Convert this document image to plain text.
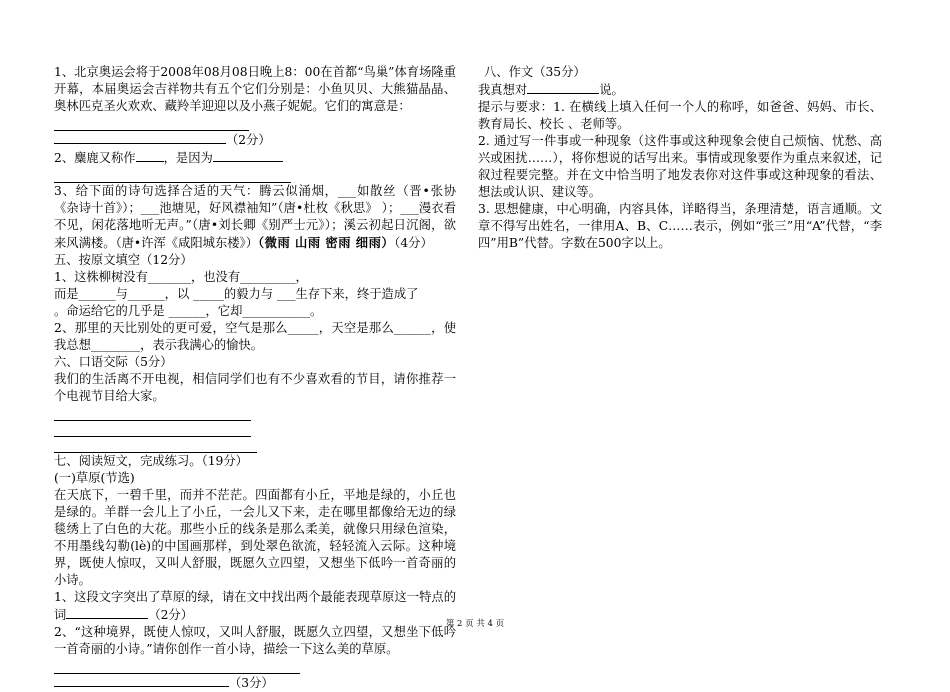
1、北京奥运会将于2008年08月08日晚上8：00在首都“鸟巢”体育场隆重开幕，本届奥运会吉祥物共有五个它们分别是：小鱼贝贝、大熊猫晶晶、奥林匹克圣火欢欢、藏羚羊迎迎以及小燕子妮妮。它们的寓意是：

（2分）

2、麋鹿又称作 ，是因为

3、给下面的诗句选择合适的天气：腾云似涌烟，___如散丝（晋•张协《杂诗十首》）；___池塘见，好风襟袖知”（唐•杜枚《秋思》 ）；___漫衣看不见，闲花落地听无声。”（唐•刘长卿《别严士元》）；溪云初起日沉阁，欲来风满楼。（唐•许浑《咸阳城东楼》）（微雨 山雨 密雨 细雨）（4分）

五、按原文填空（12分）

1、这株柳树没有_______，也没有_________，

而是______与______，以 _____的毅力与 ___生存下来，终于造成了

。命运给它的几乎是 ______，它却___________。

2、那里的天比别处的更可爱，空气是那么_____，天空是那么______，使我总想________，表示我满心的愉快。

六、口语交际（5分）

我们的生活离不开电视，相信同学们也有不少喜欢看的节目，请你推荐一个电视节目给大家。

七、阅读短文，完成练习。（19分）

(一)草原(节选)

在天底下，一碧千里，而并不茫茫。四面都有小丘，平地是绿的，小丘也是绿的。羊群一会儿上了小丘，一会儿又下来，走在哪里都像给无边的绿毯绣上了白色的大花。那些小丘的线条是那么柔美，就像只用绿色渲染，不用墨线勾勒(lè)的中国画那样，到处翠色欲流，轻轻流入云际。这种境界，既使人惊叹，又叫人舒服，既愿久立四望，又想坐下低吟一首奇丽的小诗。

1、这段文字突出了草原的绿，请在文中找出两个最能表现草原这一特点的词	（2分）

2、“这种境界，既使人惊叹，又叫人舒服，既愿久立四望，又想坐下低吟一首奇丽的小诗。”请你创作一首小诗，描绘一下这么美的草原。

（3分）

八、作文（35分）

我真想对	说。

提示与要求：1. 在横线上填入任何一个人的称呼，如爸爸、妈妈、市长、教育局长、校长 、老师等。

2. 通过写一件事或一种现象（这件事或这种现象会使自己烦恼、忧愁、高兴或困扰……），将你想说的话写出来。事情或现象要作为重点来叙述，记叙过程要完整。并在文中恰当明了地发表你对这件事或这种现象的看法、想法或认识、建议等。

3. 思想健康，中心明确，内容具体，详略得当，条理清楚，语言通顺。文章不得写出姓名，一律用A、B、C……表示，例如“张三”用“A”代替，“李四”用B”代替。字数在500字以上。

第 2 页 共 4 页
